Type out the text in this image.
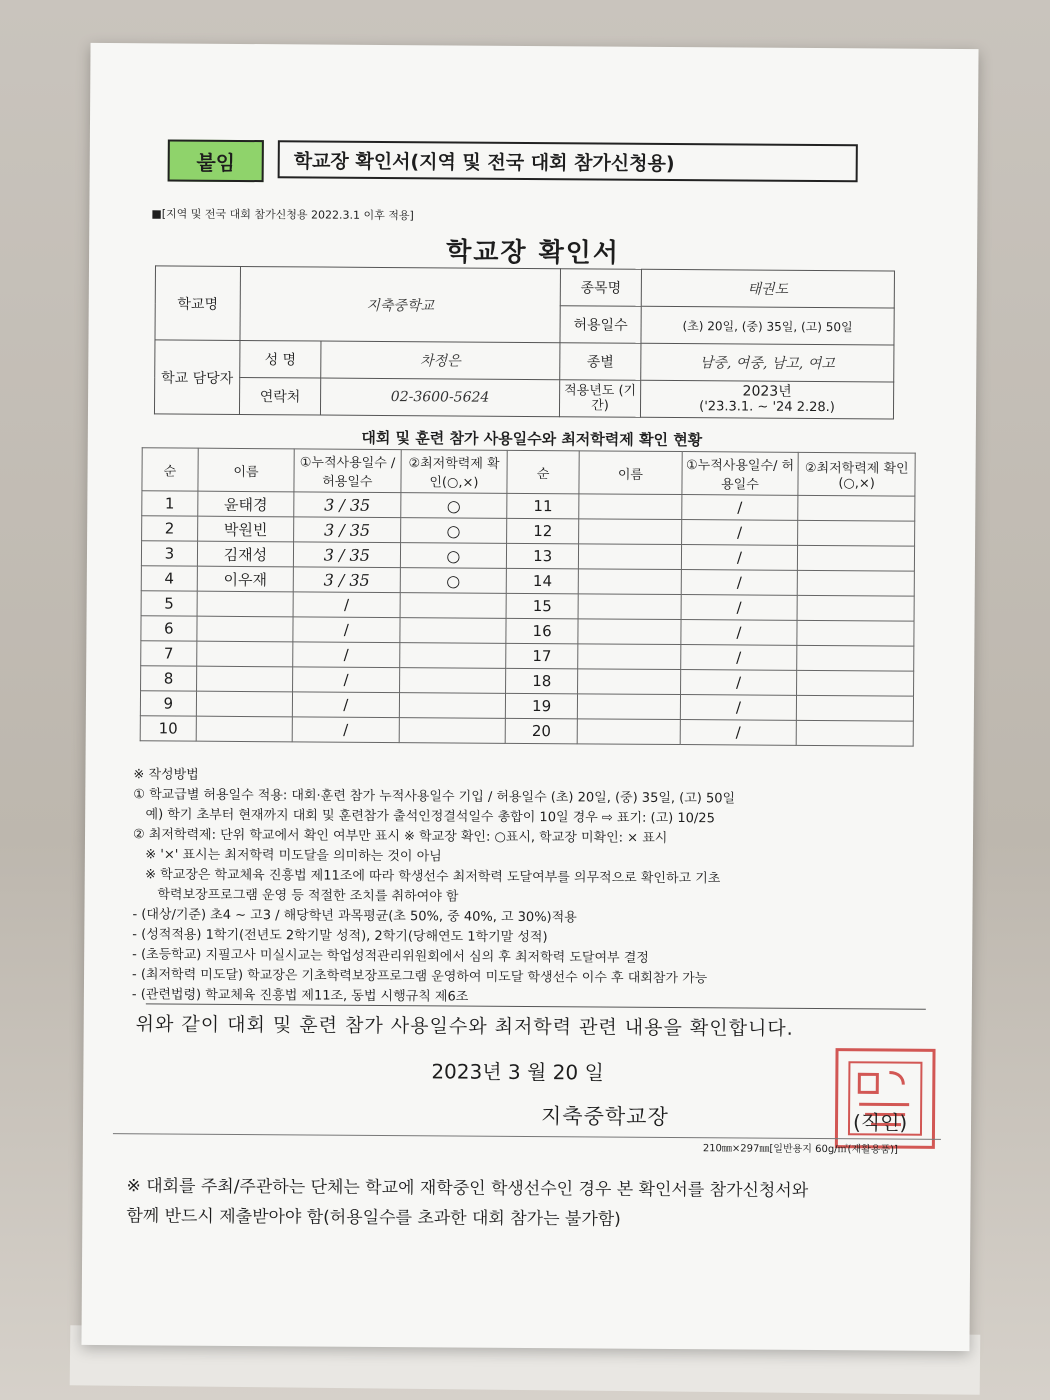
붙임	학교장 확인서(지역 및 전국 대회 참가신청용)
■[지역 및 전국 대회 참가신청용 2022.3.1 이후 적용]
학교장 확인서
학교명	지축중학교		종목명	태권도
			허용일수	(초) 20일, (중) 35일, (고) 50일
학교 담당자	성 명	차정은	종별	남중, 여중, 남고, 여고
	연락처	02-3600-5624	적용년도 (기간)	2023년
('23.3.1. ~ '24 2.28.)
대회 및 훈련 참가 사용일수와 최저학력제 확인 현황
순	이름	①누적사용일수 /허용일수	②최저학력제 확인(○,×)	순	이름	①누적사용일수/ 허용일수	②최저학력제 확인(○,×)
1	윤태경	3 / 35	○	11		/	
2	박원빈	3 / 35	○	12		/	
3	김재성	3 / 35	○	13		/	
4	이우재	3 / 35	○	14		/	
5		/		15		/	
6		/		16		/	
7		/		17		/	
8		/		18		/	
9		/		19		/	
10		/		20		/	
※ 작성방법
① 학교급별 허용일수 적용: 대회·훈련 참가 누적사용일수 기입 / 허용일수 (초) 20일, (중) 35일, (고) 50일
예) 학기 초부터 현재까지 대회 및 훈련참가 출석인정결석일수 총합이 10일 경우 ⇨ 표기: (고) 10/25
② 최저학력제: 단위 학교에서 확인 여부만 표시 ※ 학교장 확인: ○표시, 학교장 미확인: × 표시
※ '×' 표시는 최저학력 미도달을 의미하는 것이 아님
※ 학교장은 학교체육 진흥법 제11조에 따라 학생선수 최저학력 도달여부를 의무적으로 확인하고 기초
학력보장프로그램 운영 등 적절한 조치를 취하여야 함
- (대상/기준) 초4 ~ 고3 / 해당학년 과목평균(초 50%, 중 40%, 고 30%)적용
- (성적적용) 1학기(전년도 2학기말 성적), 2학기(당해연도 1학기말 성적)
- (초등학교) 지필고사 미실시교는 학업성적관리위원회에서 심의 후 최저학력 도달여부 결정
- (최저학력 미도달) 학교장은 기초학력보장프로그램 운영하여 미도달 학생선수 이수 후 대회참가 가능
- (관련법령) 학교체육 진흥법 제11조, 동법 시행규칙 제6조
위와 같이 대회 및 훈련 참가 사용일수와 최저학력 관련 내용을 확인합니다.
2023년 3 월 20 일
지축중학교장	(직인)
210㎜×297㎜[일반용지 60g/㎡(재활용품)]
※ 대회를 주최/주관하는 단체는 학교에 재학중인 학생선수인 경우 본 확인서를 참가신청서와
함께 반드시 제출받아야 함(허용일수를 초과한 대회 참가는 불가함)
